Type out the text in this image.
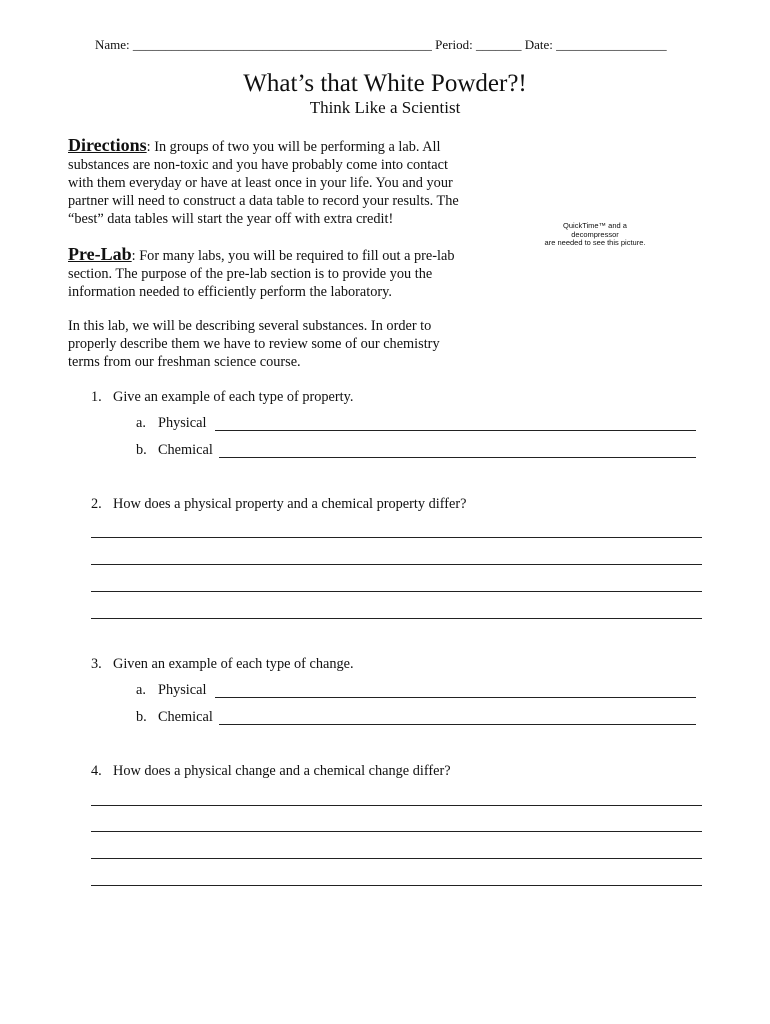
Name: ______________________________________________ Period: _______ Date: _________________
What’s that White Powder?!
Think Like a Scientist
Directions: In groups of two you will be performing a lab. All
substances are non-toxic and you have probably come into contact
with them everyday or have at least once in your life. You and your
partner will need to construct a data table to record your results. The
“best” data tables will start the year off with extra credit!	QuickTime™ and a
decompressor
are needed to see this picture.
Pre-Lab: For many labs, you will be required to fill out a pre-lab
section. The purpose of the pre-lab section is to provide you the
information needed to efficiently perform the laboratory.
In this lab, we will be describing several substances. In order to
properly describe them we have to review some of our chemistry
terms from our freshman science course.
1. Give an example of each type of property.
a. Physical
b. Chemical
2. How does a physical property and a chemical property differ?
3. Given an example of each type of change.
a. Physical
b. Chemical
4. How does a physical change and a chemical change differ?
